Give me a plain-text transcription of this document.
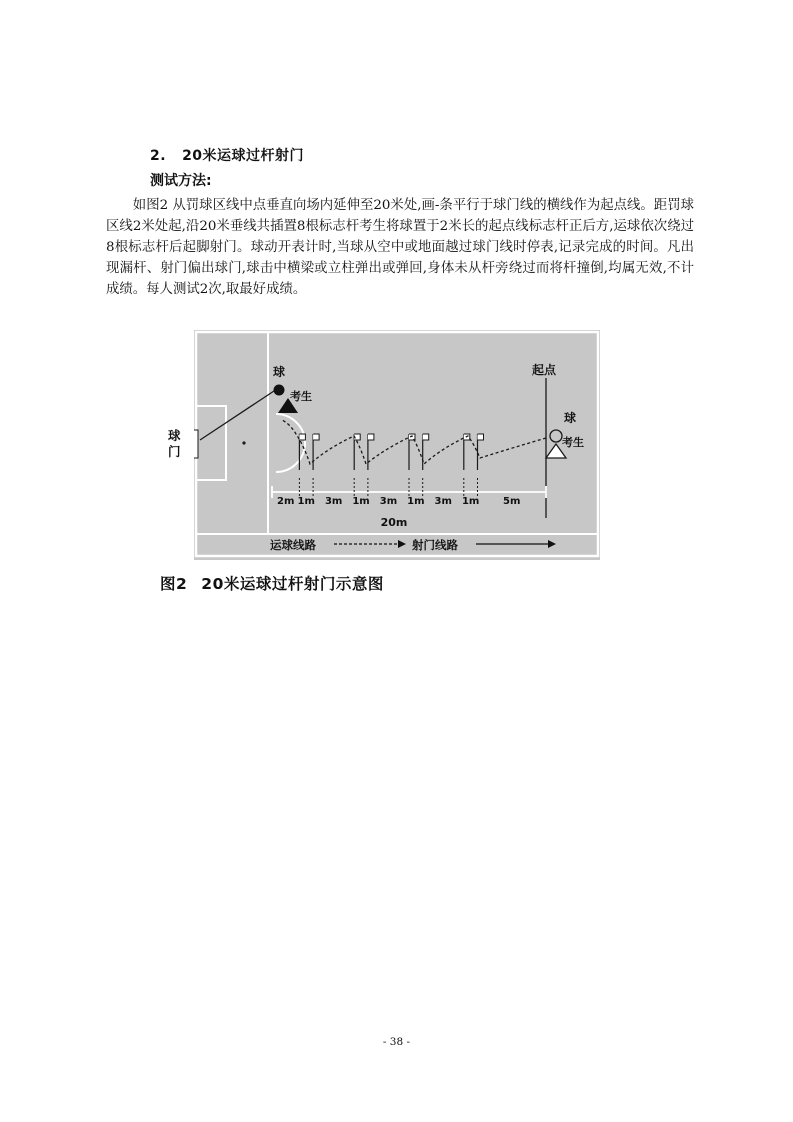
2. 20米运球过杆射门
测试方法:
如图2 从罚球区线中点垂直向场内延伸至20米处,画-条平行于球门线的横线作为起点线。距罚球区线2米处起,沿20米垂线共插置8根标志杆考生将球置于2米长的起点线标志杆正后方,运球依次绕过8根标志杆后起脚射门。球动开表计时,当球从空中或地面越过球门线时停表,记录完成的时间。凡出现漏杆、射门偏出球门,球击中横梁或立柱弹出或弹回,身体未从杆旁绕过而将杆撞倒,均属无效,不计成绩。每人测试2次,取最好成绩。
球
考生
起点
球
考生
2m 1m 3m 1m 3m 1m 3m 1m 5m
20m
运球线路	射门线路
球门
图2 20米运球过杆射门示意图
- 38 -
